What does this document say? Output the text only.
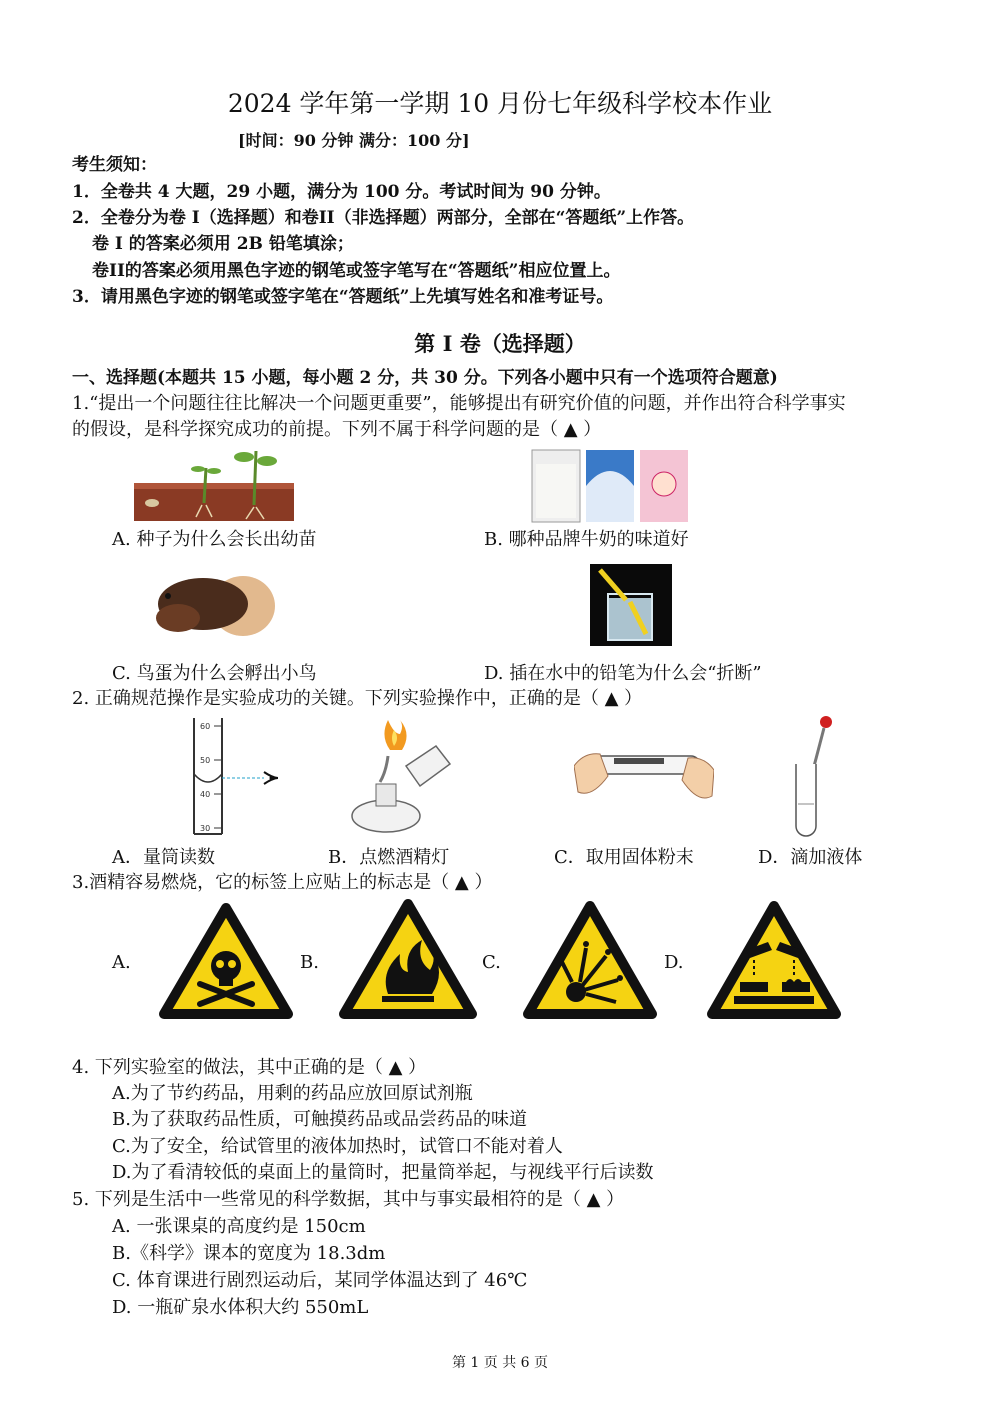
2024 学年第一学期 10 月份七年级科学校本作业
[时间：90 分钟 满分：100 分]
考生须知：
1．全卷共 4 大题，29 小题，满分为 100 分。考试时间为 90 分钟。
2．全卷分为卷 I（选择题）和卷II（非选择题）两部分，全部在“答题纸”上作答。
卷 I 的答案必须用 2B 铅笔填涂；
卷II的答案必须用黑色字迹的钢笔或签字笔写在“答题纸”相应位置上。
3．请用黑色字迹的钢笔或签字笔在“答题纸”上先填写姓名和准考证号。
第 I 卷（选择题）
一、选择题(本题共 15 小题，每小题 2 分，共 30 分。下列各小题中只有一个选项符合题意)
1.“提出一个问题往往比解决一个问题更重要”，能够提出有研究价值的问题，并作出符合科学事实
的假设，是科学探究成功的前提。下列不属于科学问题的是（ ▲ ）
A. 种子为什么会长出幼苗	B. 哪种品牌牛奶的味道好
C. 鸟蛋为什么会孵出小鸟	D. 插在水中的铅笔为什么会“折断”
2. 正确规范操作是实验成功的关键。下列实验操作中，正确的是（ ▲ ）
60
50
40
30
A．量筒读数	B．点燃酒精灯	C．取用固体粉末	D．滴加液体
3.酒精容易燃烧，它的标签上应贴上的标志是（ ▲ ）
A.	B.	C.	D.
4. 下列实验室的做法，其中正确的是（ ▲ ）
A.为了节约药品，用剩的药品应放回原试剂瓶
B.为了获取药品性质，可触摸药品或品尝药品的味道
C.为了安全，给试管里的液体加热时，试管口不能对着人
D.为了看清较低的桌面上的量筒时，把量筒举起，与视线平行后读数
5. 下列是生活中一些常见的科学数据，其中与事实最相符的是（ ▲ ）
A. 一张课桌的高度约是 150cm
B.《科学》课本的宽度为 18.3dm
C. 体育课进行剧烈运动后，某同学体温达到了 46℃
D. 一瓶矿泉水体积大约 550mL
第 1 页 共 6 页
